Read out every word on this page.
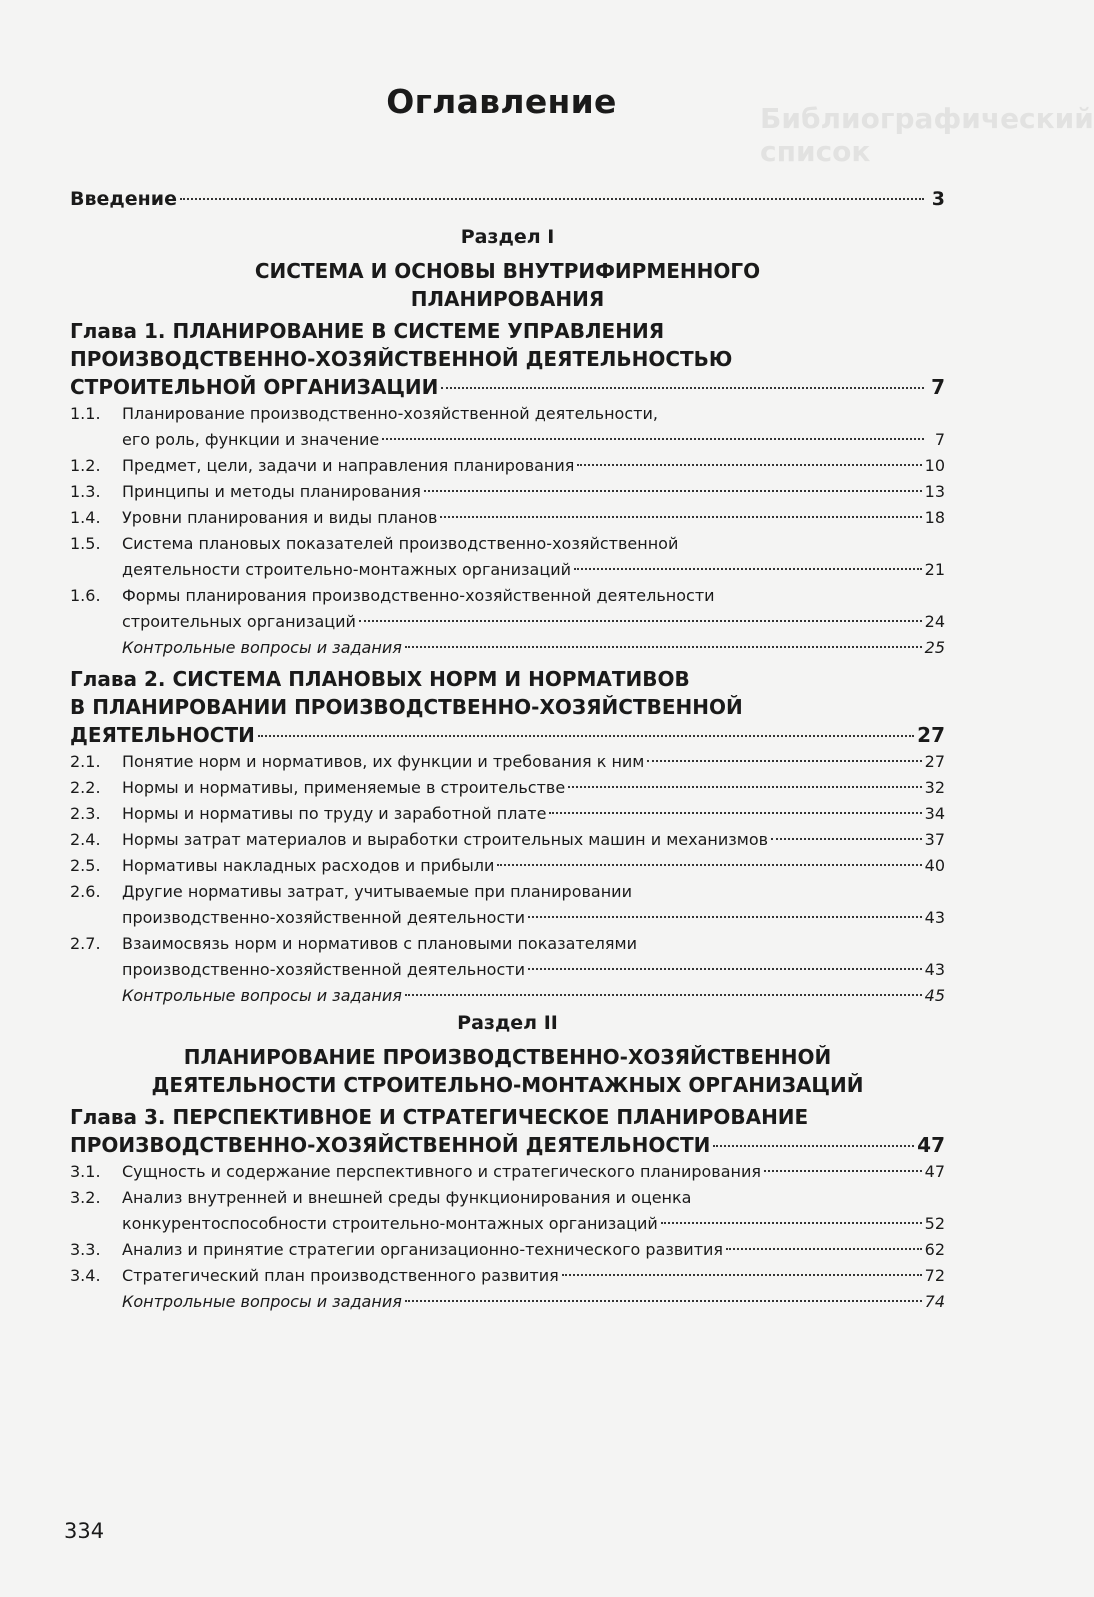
Библиографический список
Оглавление
Введение	3
Раздел I
СИСТЕМА И ОСНОВЫ ВНУТРИФИРМЕННОГО
ПЛАНИРОВАНИЯ
Глава 1. ПЛАНИРОВАНИЕ В СИСТЕМЕ УПРАВЛЕНИЯ
ПРОИЗВОДСТВЕННО-ХОЗЯЙСТВЕННОЙ ДЕЯТЕЛЬНОСТЬЮ
СТРОИТЕЛЬНОЙ ОРГАНИЗАЦИИ	7
1.1.	Планирование производственно-хозяйственной деятельности,
его роль, функции и значение	7
1.2.	Предмет, цели, задачи и направления планирования	10
1.3.	Принципы и методы планирования	13
1.4.	Уровни планирования и виды планов	18
1.5.	Система плановых показателей производственно-хозяйственной
деятельности строительно-монтажных организаций	21
1.6.	Формы планирования производственно-хозяйственной деятельности
строительных организаций	24
Контрольные вопросы и задания	25
Глава 2. СИСТЕМА ПЛАНОВЫХ НОРМ И НОРМАТИВОВ
В ПЛАНИРОВАНИИ ПРОИЗВОДСТВЕННО-ХОЗЯЙСТВЕННОЙ
ДЕЯТЕЛЬНОСТИ	27
2.1.	Понятие норм и нормативов, их функции и требования к ним	27
2.2.	Нормы и нормативы, применяемые в строительстве	32
2.3.	Нормы и нормативы по труду и заработной плате	34
2.4.	Нормы затрат материалов и выработки строительных машин и механизмов	37
2.5.	Нормативы накладных расходов и прибыли	40
2.6.	Другие нормативы затрат, учитываемые при планировании
производственно-хозяйственной деятельности	43
2.7.	Взаимосвязь норм и нормативов с плановыми показателями
производственно-хозяйственной деятельности	43
Контрольные вопросы и задания	45
Раздел II
ПЛАНИРОВАНИЕ ПРОИЗВОДСТВЕННО-ХОЗЯЙСТВЕННОЙ
ДЕЯТЕЛЬНОСТИ СТРОИТЕЛЬНО-МОНТАЖНЫХ ОРГАНИЗАЦИЙ
Глава 3. ПЕРСПЕКТИВНОЕ И СТРАТЕГИЧЕСКОЕ ПЛАНИРОВАНИЕ
ПРОИЗВОДСТВЕННО-ХОЗЯЙСТВЕННОЙ ДЕЯТЕЛЬНОСТИ	47
3.1.	Сущность и содержание перспективного и стратегического планирования	47
3.2.	Анализ внутренней и внешней среды функционирования и оценка
конкурентоспособности строительно-монтажных организаций	52
3.3.	Анализ и принятие стратегии организационно-технического развития	62
3.4.	Стратегический план производственного развития	72
Контрольные вопросы и задания	74
334
